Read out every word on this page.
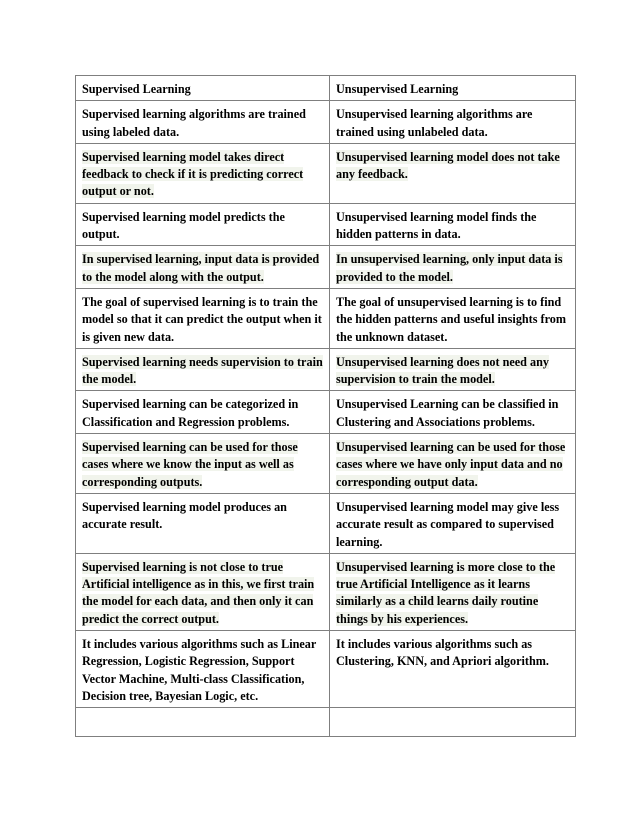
Supervised Learning	Unsupervised Learning
Supervised learning algorithms are trained using labeled data.	Unsupervised learning algorithms are trained using unlabeled data.
Supervised learning model takes direct feedback to check if it is predicting correct output or not.	Unsupervised learning model does not take any feedback.
Supervised learning model predicts the output.	Unsupervised learning model finds the hidden patterns in data.
In supervised learning, input data is provided to the model along with the output.	In unsupervised learning, only input data is provided to the model.
The goal of supervised learning is to train the model so that it can predict the output when it is given new data.	The goal of unsupervised learning is to find the hidden patterns and useful insights from the unknown dataset.
Supervised learning needs supervision to train the model.	Unsupervised learning does not need any supervision to train the model.
Supervised learning can be categorized in Classification and Regression problems.	Unsupervised Learning can be classified in Clustering and Associations problems.
Supervised learning can be used for those cases where we know the input as well as corresponding outputs.	Unsupervised learning can be used for those cases where we have only input data and no corresponding output data.
Supervised learning model produces an accurate result.	Unsupervised learning model may give less accurate result as compared to supervised learning.
Supervised learning is not close to true Artificial intelligence as in this, we first train the model for each data, and then only it can predict the correct output.	Unsupervised learning is more close to the true Artificial Intelligence as it learns similarly as a child learns daily routine things by his experiences.
It includes various algorithms such as Linear Regression, Logistic Regression, Support Vector Machine, Multi-class Classification, Decision tree, Bayesian Logic, etc.	It includes various algorithms such as Clustering, KNN, and Apriori algorithm.
